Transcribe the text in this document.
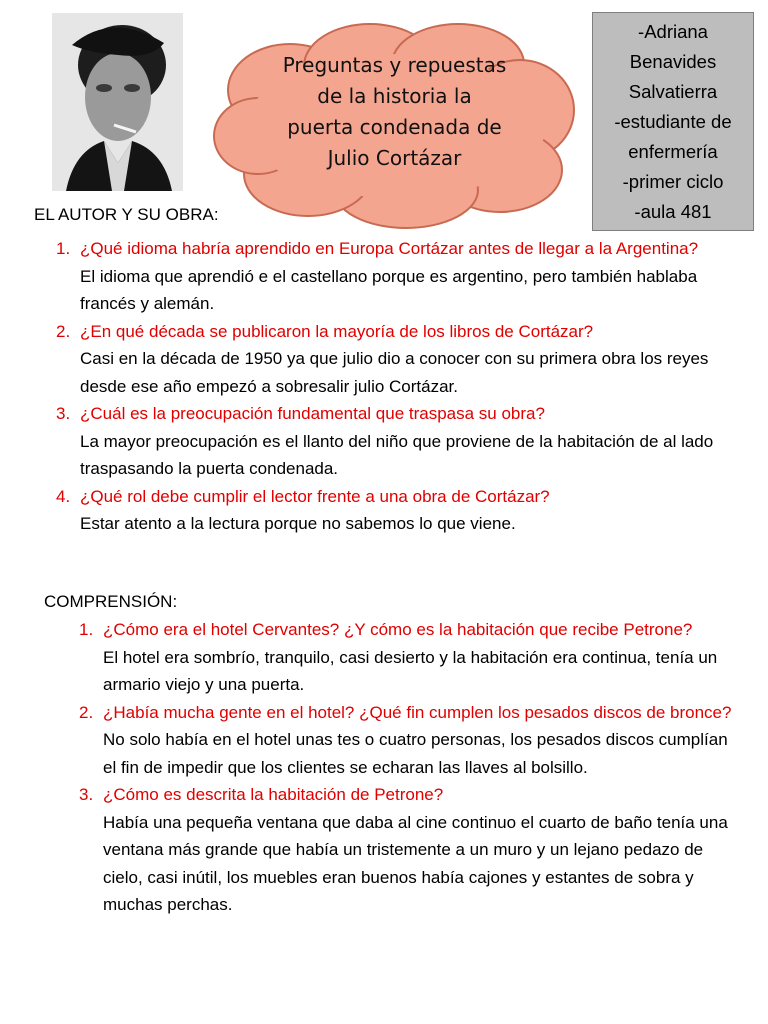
Preguntas y repuestas
de la historia la
puerta condenada de
Julio Cortázar
-Adriana
Benavides
Salvatierra
-estudiante de
enfermería
-primer ciclo
-aula 481
EL AUTOR Y SU OBRA:
1. ¿Qué idioma habría aprendido en Europa Cortázar antes de llegar a la Argentina?
El idioma que aprendió e el castellano porque es argentino, pero también hablaba francés y alemán.
2. ¿En qué década se publicaron la mayoría de los libros de Cortázar?
Casi en la década de 1950 ya que julio dio a conocer con su primera obra los reyes desde ese año empezó a sobresalir julio Cortázar.
3. ¿Cuál es la preocupación fundamental que traspasa su obra?
La mayor preocupación es el llanto del niño que proviene de la habitación de al lado traspasando la puerta condenada.
4. ¿Qué rol debe cumplir el lector frente a una obra de Cortázar?
Estar atento a la lectura porque no sabemos lo que viene.
COMPRENSIÓN:
1. ¿Cómo era el hotel Cervantes? ¿Y cómo es la habitación que recibe Petrone?
El hotel era sombrío, tranquilo, casi desierto y la habitación era continua, tenía un armario viejo y una puerta.
2. ¿Había mucha gente en el hotel? ¿Qué fin cumplen los pesados discos de bronce?
No solo había en el hotel unas tes o cuatro personas, los pesados discos cumplían el fin de impedir que los clientes se echaran las llaves al bolsillo.
3. ¿Cómo es descrita la habitación de Petrone?
Había una pequeña ventana que daba al cine continuo el cuarto de baño tenía una ventana más grande que había un tristemente a un muro y un lejano pedazo de cielo, casi inútil, los muebles eran buenos había cajones y estantes de sobra y muchas perchas.
